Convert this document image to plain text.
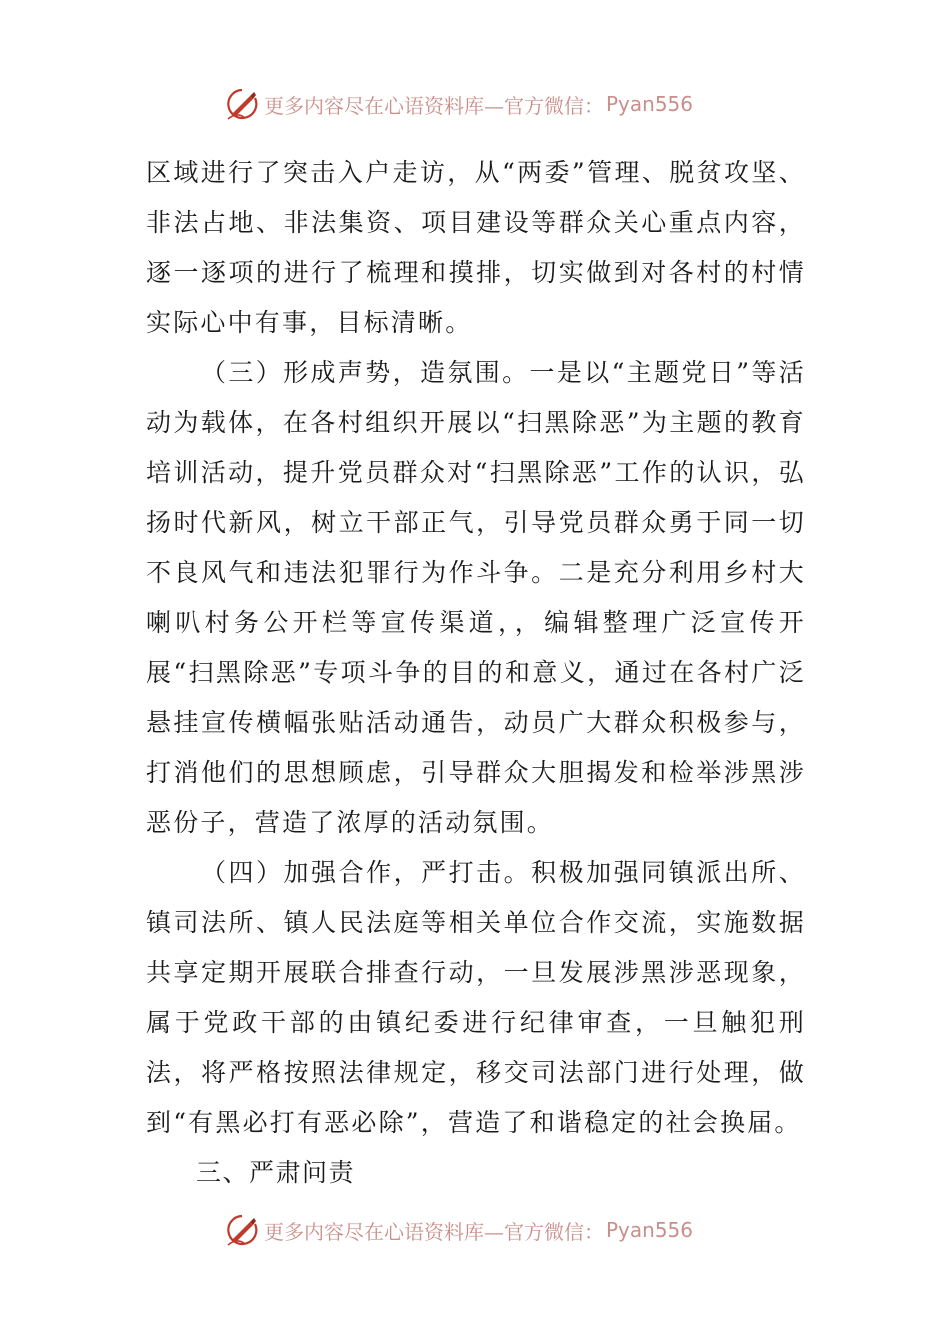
更多内容尽在心语资料库—官方微信： Pyan556

区域进行了突击入户走访，从“两委”管理、脱贫攻坚、非法占地、非法集资、项目建设等群众关心重点内容，逐一逐项的进行了梳理和摸排，切实做到对各村的村情实际心中有事，目标清晰。

（三）形成声势，造氛围。一是以“主题党日”等活动为载体，在各村组织开展以“扫黑除恶”为主题的教育培训活动，提升党员群众对“扫黑除恶”工作的认识，弘扬时代新风，树立干部正气，引导党员群众勇于同一切不良风气和违法犯罪行为作斗争。二是充分利用乡村大喇叭村务公开栏等宣传渠道，，编辑整理广泛宣传开展“扫黑除恶”专项斗争的目的和意义，通过在各村广泛悬挂宣传横幅张贴活动通告，动员广大群众积极参与，打消他们的思想顾虑，引导群众大胆揭发和检举涉黑涉恶份子，营造了浓厚的活动氛围。

（四）加强合作，严打击。积极加强同镇派出所、镇司法所、镇人民法庭等相关单位合作交流，实施数据共享定期开展联合排查行动，一旦发展涉黑涉恶现象，属于党政干部的由镇纪委进行纪律审查，一旦触犯刑法，将严格按照法律规定，移交司法部门进行处理，做到“有黑必打有恶必除”，营造了和谐稳定的社会换届。

三、严肃问责

更多内容尽在心语资料库—官方微信： Pyan556
